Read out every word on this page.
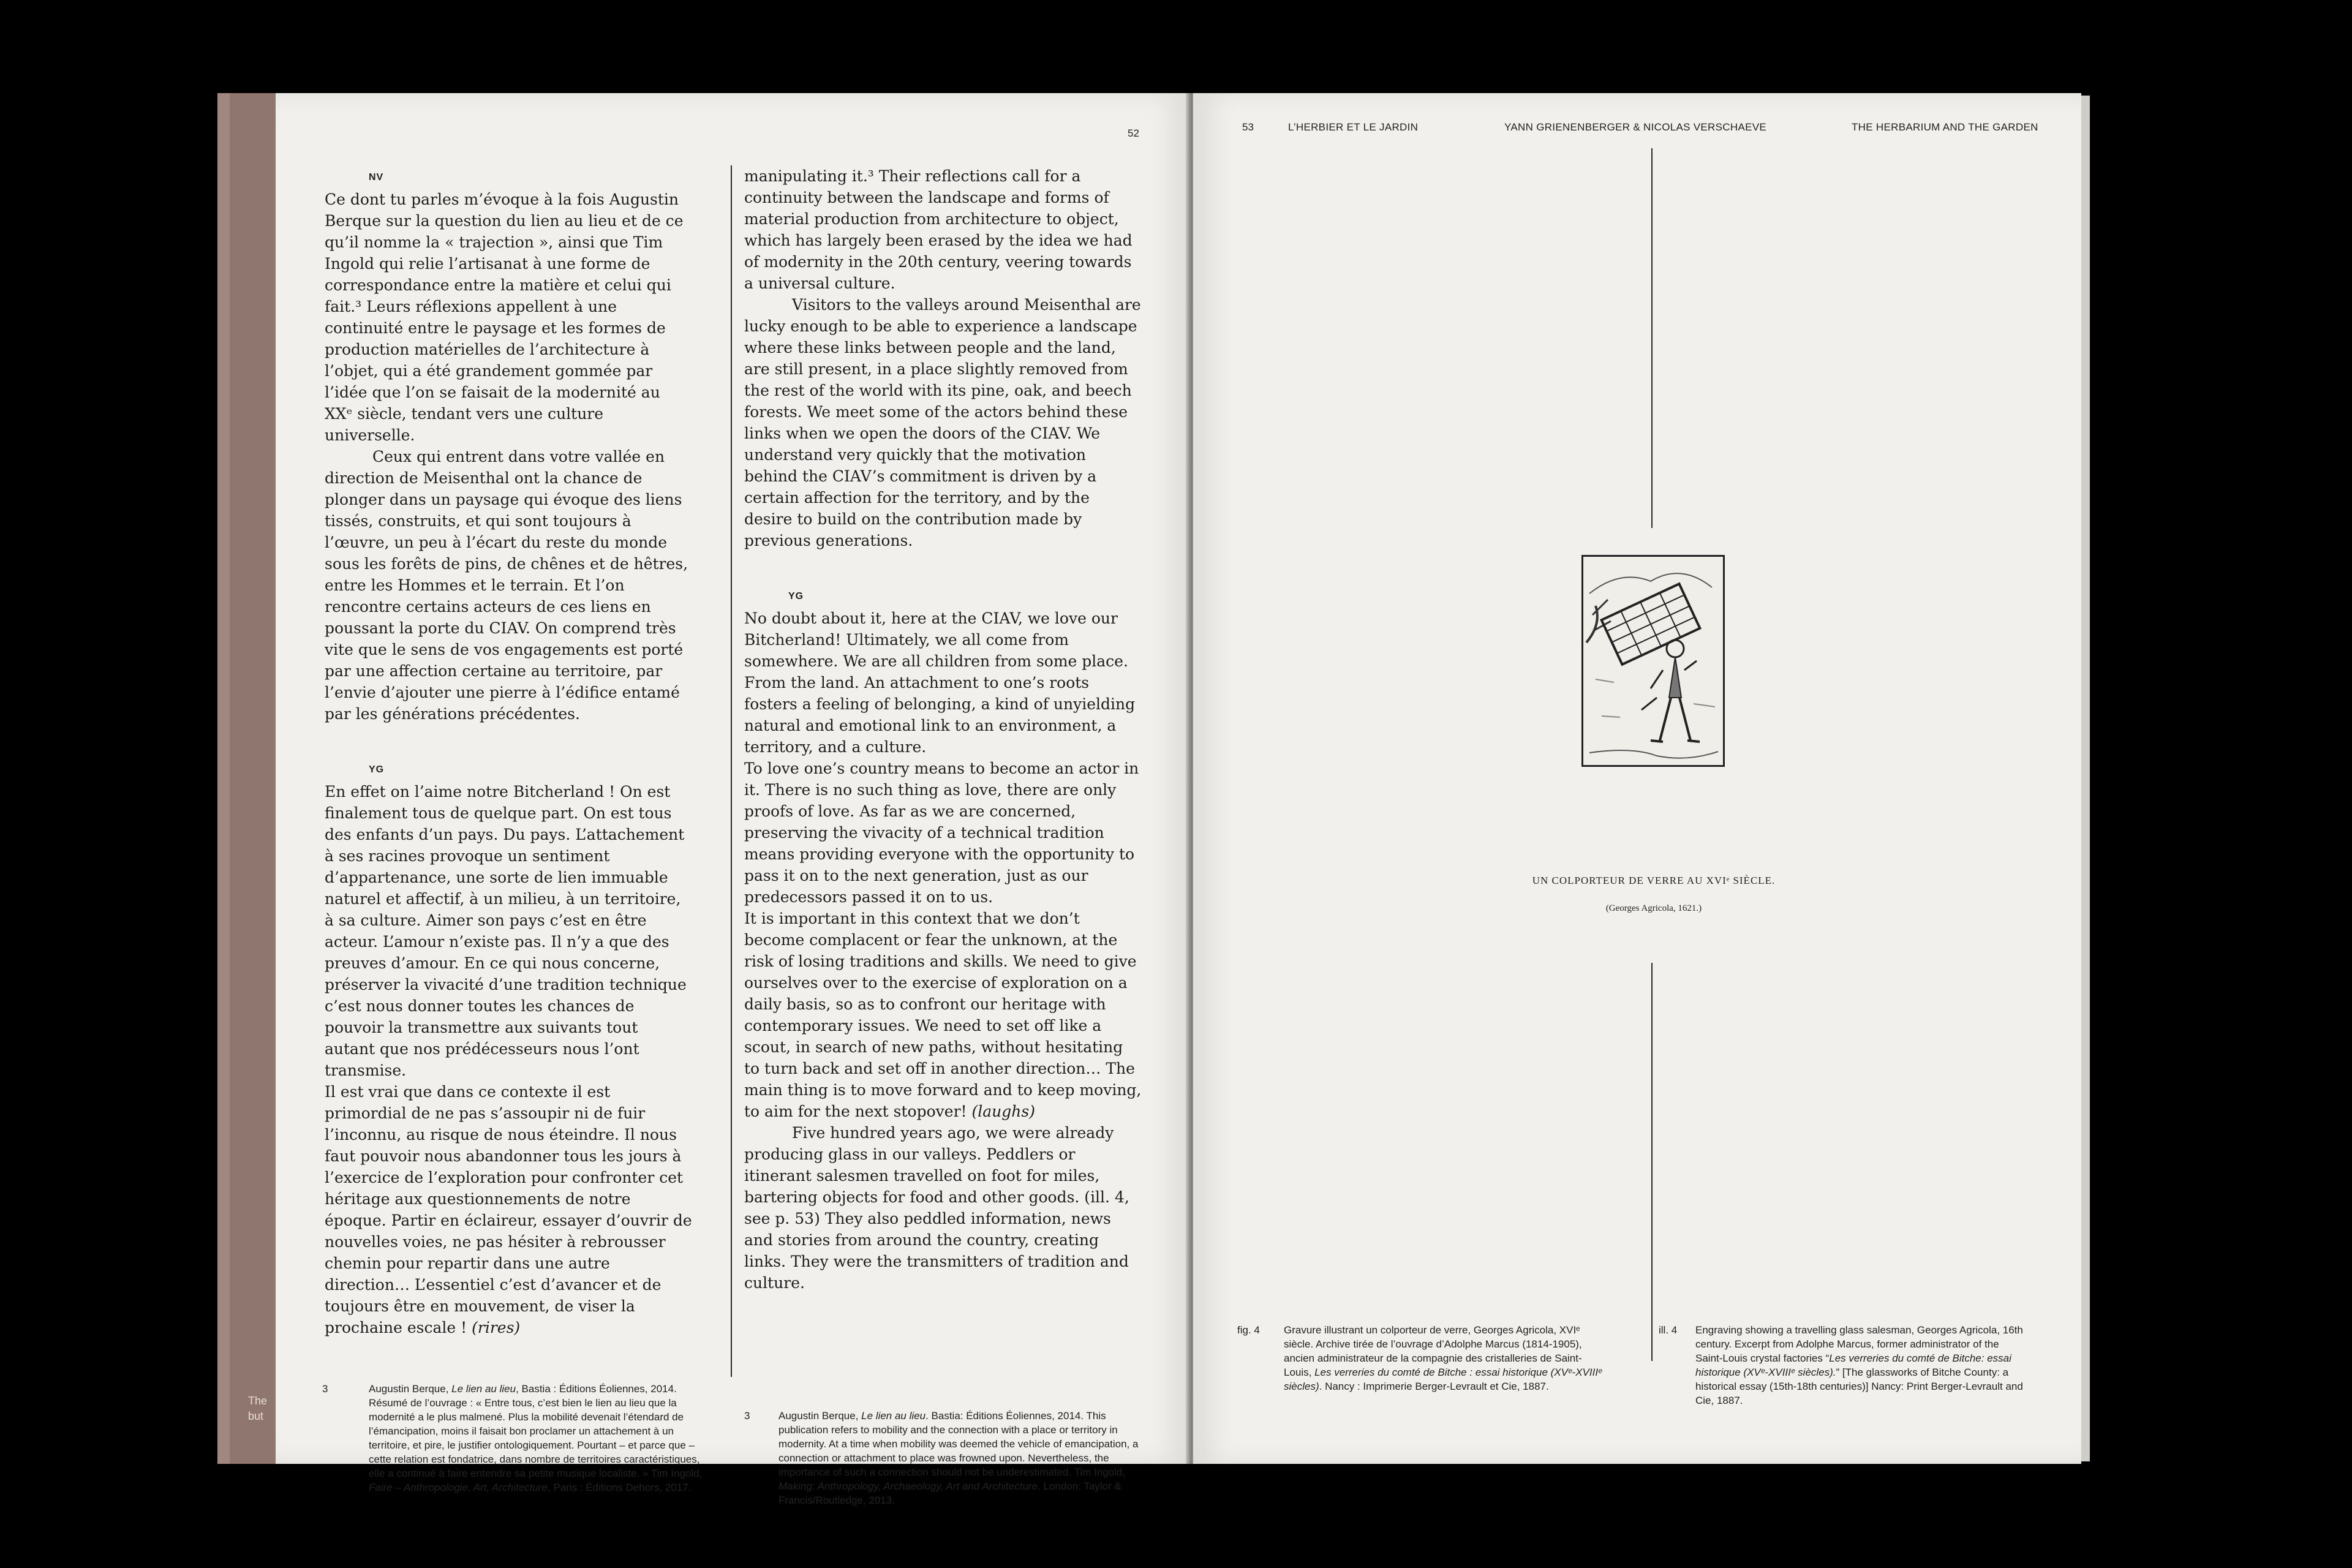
The
but
52
NV

Ce dont tu parles m’évoque à la fois Augustin Berque sur la question du lien au lieu et de ce qu’il nomme la « trajection », ainsi que Tim Ingold qui relie l’artisanat à une forme de correspondance entre la matière et celui qui fait.³ Leurs réflexions appellent à une continuité entre le paysage et les formes de production matérielles de l’architecture à l’objet, qui a été grandement gommée par l’idée que l’on se faisait de la modernité au XXᵉ siècle, tendant vers une culture universelle.

Ceux qui entrent dans votre vallée en direction de Meisenthal ont la chance de plonger dans un paysage qui évoque des liens tissés, construits, et qui sont toujours à l’œuvre, un peu à l’écart du reste du monde sous les forêts de pins, de chênes et de hêtres, entre les Hommes et le terrain. Et l’on rencontre certains acteurs de ces liens en poussant la porte du CIAV. On comprend très vite que le sens de vos engagements est porté par une affection certaine au territoire, par l’envie d’ajouter une pierre à l’édifice entamé par les générations précédentes.

YG

En effet on l’aime notre Bitcherland ! On est finalement tous de quelque part. On est tous des enfants d’un pays. Du pays. L’attachement à ses racines provoque un sentiment d’appartenance, une sorte de lien immuable naturel et affectif, à un milieu, à un territoire, à sa culture. Aimer son pays c’est en être acteur. L’amour n’existe pas. Il n’y a que des preuves d’amour. En ce qui nous concerne, préserver la vivacité d’une tradition technique c’est nous donner toutes les chances de pouvoir la transmettre aux suivants tout autant que nos prédécesseurs nous l’ont transmise.

Il est vrai que dans ce contexte il est primordial de ne pas s’assoupir ni de fuir l’inconnu, au risque de nous éteindre. Il nous faut pouvoir nous abandonner tous les jours à l’exercice de l’exploration pour confronter cet héritage aux questionnements de notre époque. Partir en éclaireur, essayer d’ouvrir de nouvelles voies, ne pas hésiter à rebrousser chemin pour repartir dans une autre direction… L’essentiel c’est d’avancer et de toujours être en mouvement, de viser la prochaine escale ! (rires)

manipulating it.³ Their reflections call for a continuity between the landscape and forms of material production from architecture to object, which has largely been erased by the idea we had of modernity in the 20th century, veering towards a universal culture.

Visitors to the valleys around Meisenthal are lucky enough to be able to experience a landscape where these links between people and the land, are still present, in a place slightly removed from the rest of the world with its pine, oak, and beech forests. We meet some of the actors behind these links when we open the doors of the CIAV. We understand very quickly that the motivation behind the CIAV’s commitment is driven by a certain affection for the territory, and by the desire to build on the contribution made by previous generations.

YG

No doubt about it, here at the CIAV, we love our Bitcherland! Ultimately, we all come from somewhere. We are all children from some place. From the land. An attachment to one’s roots fosters a feeling of belonging, a kind of unyielding natural and emotional link to an environment, a territory, and a culture.

To love one’s country means to become an actor in it. There is no such thing as love, there are only proofs of love. As far as we are concerned, preserving the vivacity of a technical tradition means providing everyone with the opportunity to pass it on to the next generation, just as our predecessors passed it on to us.

It is important in this context that we don’t become complacent or fear the unknown, at the risk of losing traditions and skills. We need to give ourselves over to the exercise of exploration on a daily basis, so as to confront our heritage with contemporary issues. We need to set off like a scout, in search of new paths, without hesitating to turn back and set off in another direction… The main thing is to move forward and to keep moving, to aim for the next stopover! (laughs)

Five hundred years ago, we were already producing glass in our valleys. Peddlers or itinerant salesmen travelled on foot for miles, bartering objects for food and other goods. (ill. 4, see p. 53) They also peddled information, news and stories from around the country, creating links. They were the transmitters of tradition and culture.

3	Augustin Berque, Le lien au lieu, Bastia : Éditions Éoliennes, 2014. Résumé de l’ouvrage : « Entre tous, c’est bien le lien au lieu que la modernité a le plus malmené. Plus la mobilité devenait l’étendard de l’émancipation, moins il faisait bon proclamer un attachement à un territoire, et pire, le justifier ontologiquement. Pourtant – et parce que – cette relation est fondatrice, dans nombre de territoires caractéristiques, elle a continué à faire entendre sa petite musique localiste. » Tim Ingold, Faire – Anthropologie, Art, Architecture, Paris : Éditions Dehors, 2017.
3	Augustin Berque, Le lien au lieu. Bastia: Éditions Éoliennes, 2014. This publication refers to mobility and the connection with a place or territory in modernity. At a time when mobility was deemed the vehicle of emancipation, a connection or attachment to place was frowned upon. Nevertheless, the importance of such a connection should not be underestimated. Tim Ingold, Making: Anthropology, Archaeology, Art and Architecture. London: Taylor & Francis/Routledge, 2013.
53	L’HERBIER ET LE JARDIN	YANN GRIENENBERGER & NICOLAS VERSCHAEVE	THE HERBARIUM AND THE GARDEN
fig. 4 Gravure illustrant un colporteur de verre, Georges Agricola, XVIᵉ siècle. Archive tirée de l’ouvrage d’Adolphe Marcus (1814-1905), ancien administrateur de la compagnie des cristalleries de Saint-Louis, Les verreries du comté de Bitche : essai historique (XVᵉ-XVIIIᵉ siècles). Nancy : Imprimerie Berger-Levrault et Cie, 1887.
ill. 4 Engraving showing a travelling glass salesman, Georges Agricola, 16th century. Excerpt from Adolphe Marcus, former administrator of the Saint-Louis crystal factories “Les verreries du comté de Bitche: essai historique (XVᵉ-XVIIIᵉ siècles).” [The glassworks of Bitche County: a historical essay (15th-18th centuries)] Nancy: Print Berger-Levrault and Cie, 1887.
UN COLPORTEUR DE VERRE AU XVIᵉ SIÈCLE.
(Georges Agricola, 1621.)
